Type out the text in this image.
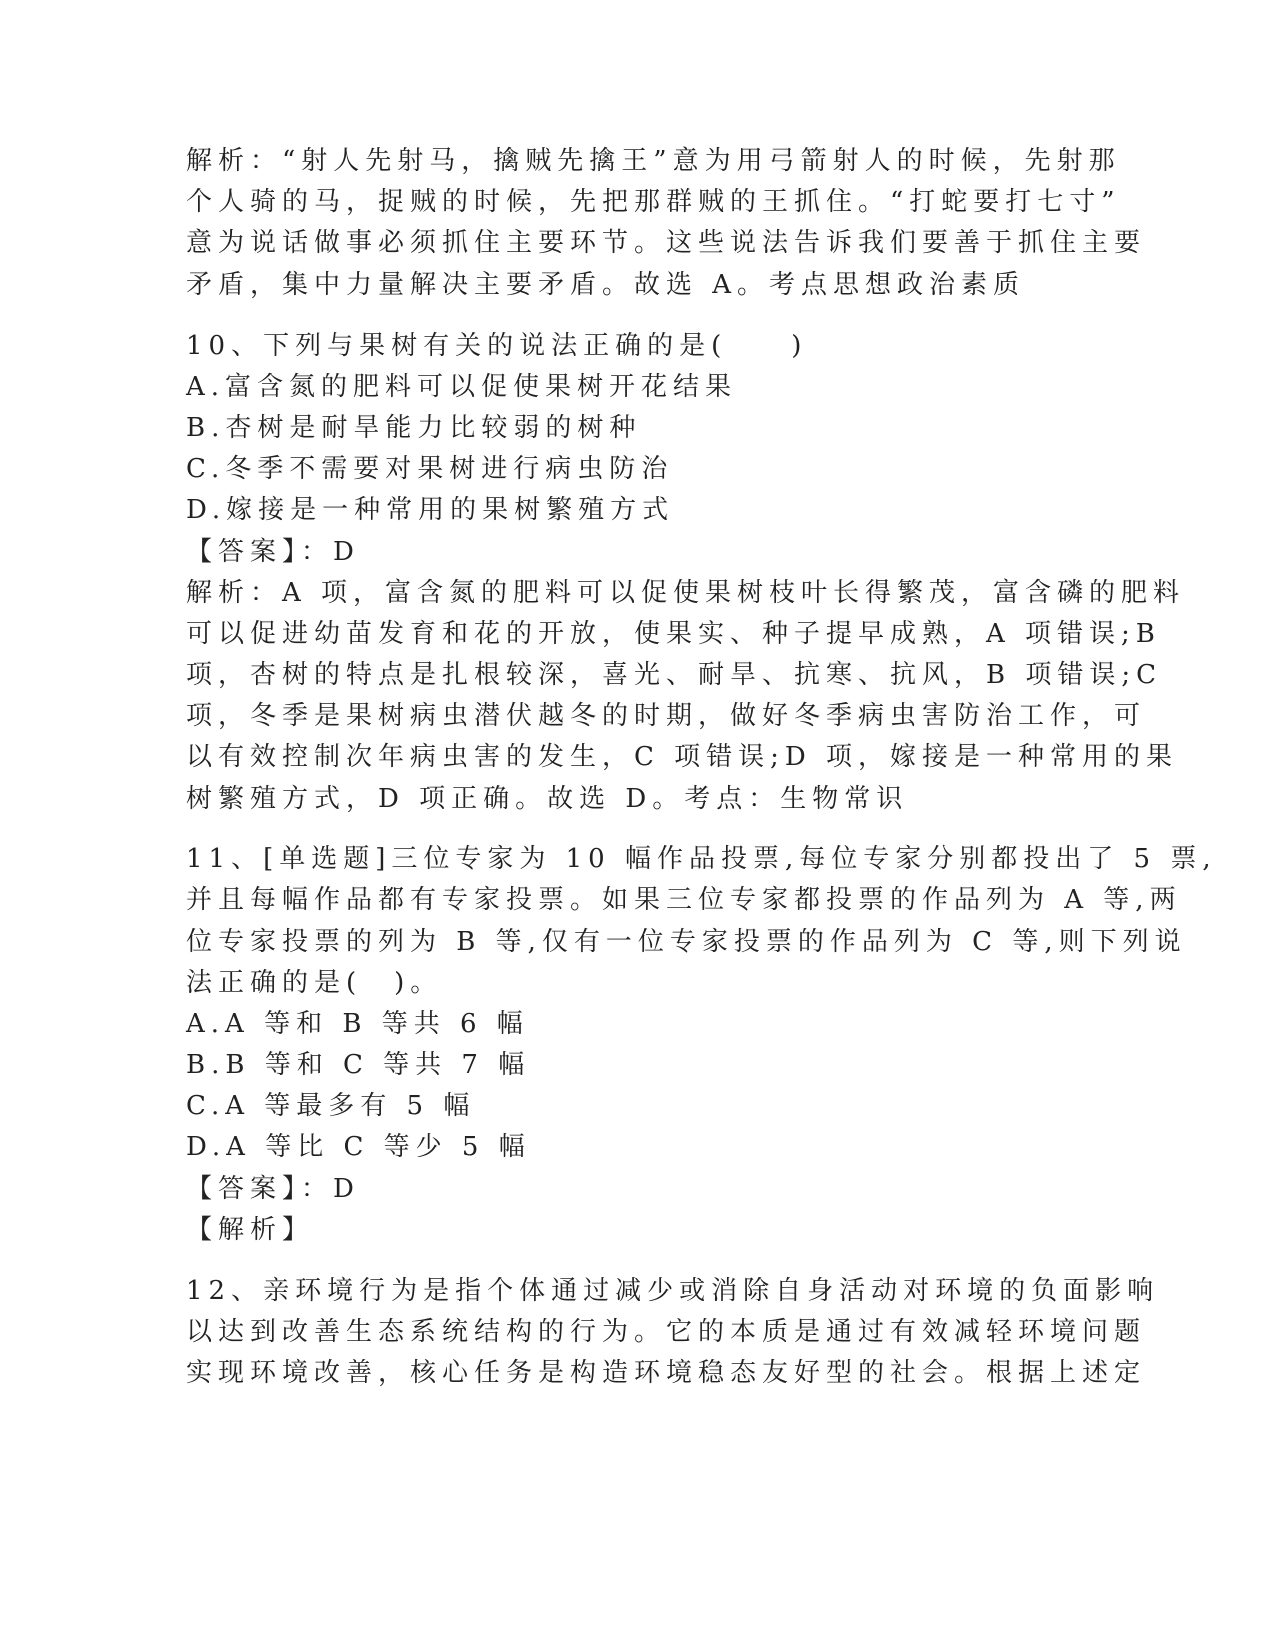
解析：“射人先射马，擒贼先擒王”意为用弓箭射人的时候，先射那
个人骑的马，捉贼的时候，先把那群贼的王抓住。“打蛇要打七寸”
意为说话做事必须抓住主要环节。这些说法告诉我们要善于抓住主要
矛盾，集中力量解决主要矛盾。故选 A。考点思想政治素质
10、下列与果树有关的说法正确的是(　　)
A.富含氮的肥料可以促使果树开花结果
B.杏树是耐旱能力比较弱的树种
C.冬季不需要对果树进行病虫防治
D.嫁接是一种常用的果树繁殖方式
【答案】：D
解析：A 项，富含氮的肥料可以促使果树枝叶长得繁茂，富含磷的肥料
可以促进幼苗发育和花的开放，使果实、种子提早成熟，A 项错误;B
项，杏树的特点是扎根较深，喜光、耐旱、抗寒、抗风，B 项错误;C
项，冬季是果树病虫潜伏越冬的时期，做好冬季病虫害防治工作，可
以有效控制次年病虫害的发生，C 项错误;D 项，嫁接是一种常用的果
树繁殖方式，D 项正确。故选 D。考点：生物常识
11、[单选题]三位专家为 10 幅作品投票,每位专家分别都投出了 5 票,
并且每幅作品都有专家投票。如果三位专家都投票的作品列为 A 等,两
位专家投票的列为 B 等,仅有一位专家投票的作品列为 C 等,则下列说
法正确的是(　)。
A.A 等和 B 等共 6 幅
B.B 等和 C 等共 7 幅
C.A 等最多有 5 幅
D.A 等比 C 等少 5 幅
【答案】：D
【解析】
12、亲环境行为是指个体通过减少或消除自身活动对环境的负面影响
以达到改善生态系统结构的行为。它的本质是通过有效减轻环境问题
实现环境改善，核心任务是构造环境稳态友好型的社会。根据上述定
